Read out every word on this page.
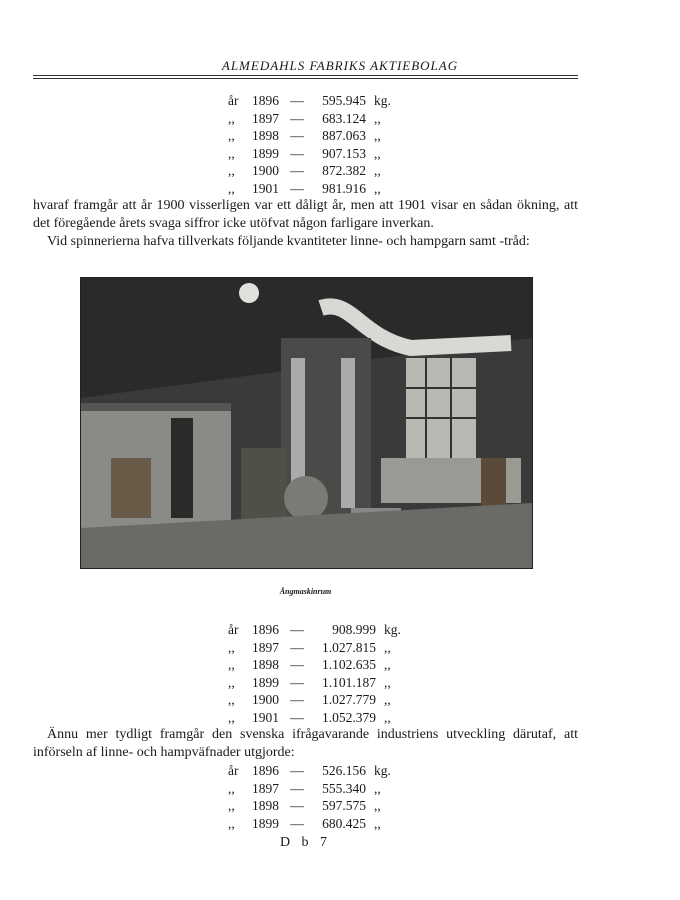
ALMEDAHLS FABRIKS AKTIEBOLAG
år 1896 — 595.945 kg.
,, 1897 — 683.124 ,,
,, 1898 — 887.063 ,,
,, 1899 — 907.153 ,,
,, 1900 — 872.382 ,,
,, 1901 — 981.916 ,,
hvaraf framgår att år 1900 visserligen var ett dåligt år, men att 1901 visar en sådan ökning, att det föregående årets svaga siffror icke utöfvat någon farligare inverkan.
Vid spinnerierna hafva tillverkats följande kvantiteter linne- och hampgarn samt -tråd:
Ångmaskinrum
år 1896 — 908.999 kg.
,, 1897 — 1.027.815 ,,
,, 1898 — 1.102.635 ,,
,, 1899 — 1.101.187 ,,
,, 1900 — 1.027.779 ,,
,, 1901 — 1.052.379 ,,
Ännu mer tydligt framgår den svenska ifrågavarande industriens utveckling därutaf, att införseln af linne- och hampväfnader utgjorde:
år 1896 — 526.156 kg.
,, 1897 — 555.340 ,,
,, 1898 — 597.575 ,,
,, 1899 — 680.425 ,,
D b 7
